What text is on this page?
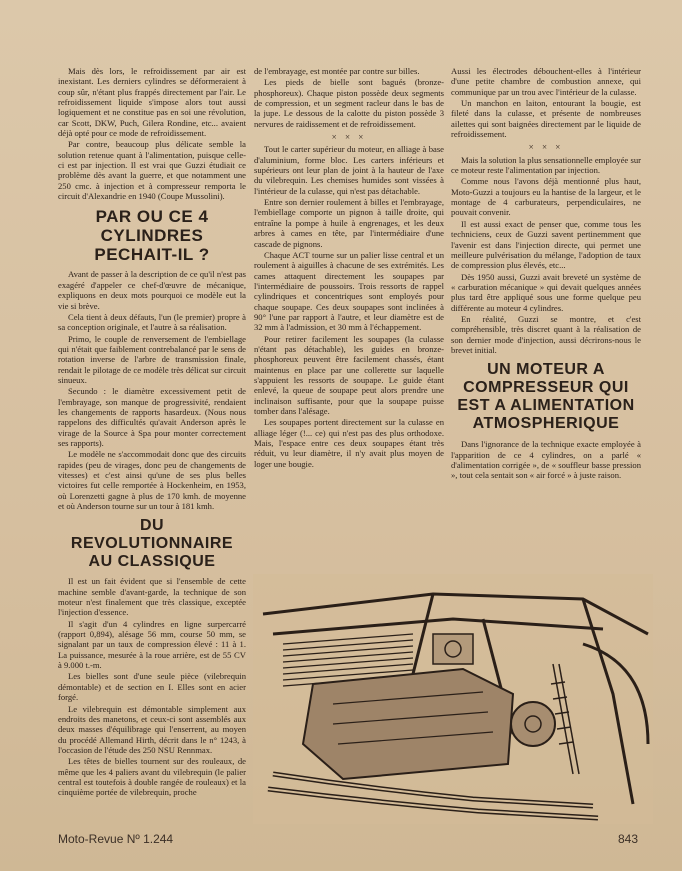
Mais dès lors, le refroidissement par air est inexistant. Les derniers cylindres se déformeraient à coup sûr, n'étant plus frappés directement par l'air. Le refroidissement liquide s'impose alors tout aussi logiquement et ne constitue pas en soi une révolution, car Scott, DKW, Puch, Gilera Rondine, etc... avaient déjà opté pour ce mode de refroidissement.

Par contre, beaucoup plus délicate semble la solution retenue quant à l'alimentation, puisque celle-ci est par injection. Il est vrai que Guzzi étudiait ce problème dès avant la guerre, et que notamment une 250 cmc. à injection et à compresseur remporta le circuit d'Alexandrie en 1940 (Coupe Mussolini).

PAR OU CE 4 CYLINDRES PECHAIT-IL ?

Avant de passer à la description de ce qu'il n'est pas exagéré d'appeler ce chef-d'œuvre de mécanique, expliquons en deux mots pourquoi ce modèle eut la vie si brève.

Cela tient à deux défauts, l'un (le premier) propre à sa conception originale, et l'autre à sa réalisation.

Primo, le couple de renversement de l'embiellage qui n'était que faiblement contrebalancé par le sens de rotation inverse de l'arbre de transmission finale, rendait le pilotage de ce modèle très délicat sur circuit sinueux.

Secundo : le diamètre excessivement petit de l'embrayage, son manque de progressivité, rendaient les changements de rapports hasardeux. (Nous nous rappelons des difficultés qu'avait Anderson après le virage de la Source à Spa pour monter correctement ses rapports).

Le modèle ne s'accommodait donc que des circuits rapides (peu de virages, donc peu de changements de vitesses) et c'est ainsi qu'une de ses plus belles victoires fut celle remportée à Hockenheim, en 1953, où Lorenzetti gagne à plus de 170 kmh. de moyenne et où Anderson tourne sur un tour à 181 kmh.

DU REVOLUTIONNAIRE AU CLASSIQUE

Il est un fait évident que si l'ensemble de cette machine semble d'avant-garde, la technique de son moteur n'est finalement que très classique, exceptée l'injection d'essence.

Il s'agit d'un 4 cylindres en ligne surpercarré (rapport 0,894), alésage 56 mm, course 50 mm, se signalant par un taux de compression élevé : 11 à 1. La puissance, mesurée à la roue arrière, est de 55 CV à 9.000 t.-m.

Les bielles sont d'une seule pièce (vilebrequin démontable) et de section en I. Elles sont en acier forgé.

Le vilebrequin est démontable simplement aux endroits des manetons, et ceux-ci sont assemblés aux deux masses d'équilibrage qui l'enserrent, au moyen du procédé Allemand Hirth, décrit dans le n° 1243, à l'occasion de l'étude des 250 NSU Rennmax.

Les têtes de bielles tournent sur des rouleaux, de même que les 4 paliers avant du vilebrequin (le palier central est toutefois à double rangée de rouleaux) et la cinquième portée de vilebrequin, proche

de l'embrayage, est montée par contre sur billes.

Les pieds de bielle sont bagués (bronze-phosphoreux). Chaque piston possède deux segments de compression, et un segment racleur dans le bas de la jupe. Le dessous de la calotte du piston possède 3 nervures de raidissement et de refroidissement.

× × ×

Tout le carter supérieur du moteur, en alliage à base d'aluminium, forme bloc. Les carters inférieurs et supérieurs ont leur plan de joint à la hauteur de l'axe du vilebrequin. Les chemises humides sont vissées à l'intérieur de la culasse, qui n'est pas détachable.

Entre son dernier roulement à billes et l'embrayage, l'embiellage comporte un pignon à taille droite, qui entraîne la pompe à huile à engrenages, et les deux arbres à cames en tête, par l'intermédiaire d'une cascade de pignons.

Chaque ACT tourne sur un palier lisse central et un roulement à aiguilles à chacune de ses extrémités. Les cames attaquent directement les soupapes par l'intermédiaire de poussoirs. Trois ressorts de rappel cylindriques et concentriques sont employés pour chaque soupape. Ces deux soupapes sont inclinées à 90° l'une par rapport à l'autre, et leur diamètre est de 32 mm à l'admission, et 30 mm à l'échappement.

Pour retirer facilement les soupapes (la culasse n'étant pas détachable), les guides en bronze-phosphoreux peuvent être facilement chassés, étant maintenus en place par une collerette sur laquelle s'appuient les ressorts de soupape. Le guide étant enlevé, la queue de soupape peut alors prendre une inclinaison suffisante, pour que la soupape puisse tomber dans l'alésage.

Les soupapes portent directement sur la culasse en alliage léger (!... ce) qui n'est pas des plus orthodoxe. Mais, l'espace entre ces deux soupapes étant très réduit, vu leur diamètre, il n'y avait plus moyen de loger une bougie.

Aussi les électrodes débouchent-elles à l'intérieur d'une petite chambre de combustion annexe, qui communique par un trou avec l'intérieur de la culasse.

Un manchon en laiton, entourant la bougie, est fileté dans la culasse, et présente de nombreuses ailettes qui sont baignées directement par le liquide de refroidissement.

× × ×

Mais la solution la plus sensationnelle employée sur ce moteur reste l'alimentation par injection.

Comme nous l'avons déjà mentionné plus haut, Moto-Guzzi a toujours eu la hantise de la largeur, et le montage de 4 carburateurs, perpendiculaires, ne pouvait convenir.

Il est aussi exact de penser que, comme tous les techniciens, ceux de Guzzi savent pertinemment que l'avenir est dans l'injection directe, qui permet une meilleure pulvérisation du mélange, l'adoption de taux de compression plus élevés, etc...

Dès 1950 aussi, Guzzi avait breveté un système de « carburation mécanique » qui devait quelques années plus tard être appliqué sous une forme quelque peu différente au moteur 4 cylindres.

En réalité, Guzzi se montre, et c'est compréhensible, très discret quant à la réalisation de son dernier mode d'injection, aussi décrirons-nous le brevet initial.

UN MOTEUR A COMPRESSEUR QUI EST A ALIMENTATION ATMOSPHERIQUE

Dans l'ignorance de la technique exacte employée à l'apparition de ce 4 cylindres, on a parlé « d'alimentation corrigée », de « souffleur basse pression », tout cela sentait son « air forcé » à juste raison.

Moto-Revue Nº 1.244	843
